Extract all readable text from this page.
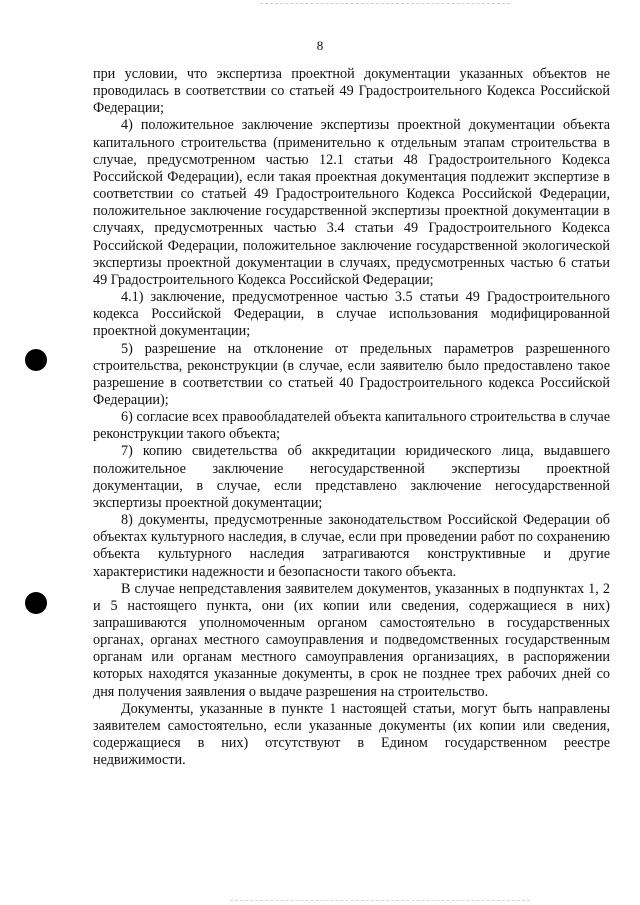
8

при условии, что экспертиза проектной документации указанных объектов не проводилась в соответствии со статьей 49 Градостроительного Кодекса Российской Федерации;

4) положительное заключение экспертизы проектной документации объекта капитального строительства (применительно к отдельным этапам строительства в случае, предусмотренном частью 12.1 статьи 48 Градостроительного Кодекса Российской Федерации), если такая проектная документация подлежит экспертизе в соответствии со статьей 49 Градостроительного Кодекса Российской Федерации, положительное заключение государственной экспертизы проектной документации в случаях, предусмотренных частью 3.4 статьи 49 Градостроительного Кодекса Российской Федерации, положительное заключение государственной экологической экспертизы проектной документации в случаях, предусмотренных частью 6 статьи 49 Градостроительного Кодекса Российской Федерации;

4.1) заключение, предусмотренное частью 3.5 статьи 49 Градостроительного кодекса Российской Федерации, в случае использования модифицированной проектной документации;

5) разрешение на отклонение от предельных параметров разрешенного строительства, реконструкции (в случае, если заявителю было предоставлено такое разрешение в соответствии со статьей 40 Градостроительного кодекса Российской Федерации);

6) согласие всех правообладателей объекта капитального строительства в случае реконструкции такого объекта;

7) копию свидетельства об аккредитации юридического лица, выдавшего положительное заключение негосударственной экспертизы проектной документации, в случае, если представлено заключение негосударственной экспертизы проектной документации;

8) документы, предусмотренные законодательством Российской Федерации об объектах культурного наследия, в случае, если при проведении работ по сохранению объекта культурного наследия затрагиваются конструктивные и другие характеристики надежности и безопасности такого объекта.

В случае непредставления заявителем документов, указанных в подпунктах 1, 2 и 5 настоящего пункта, они (их копии или сведения, содержащиеся в них) запрашиваются уполномоченным органом самостоятельно в государственных органах, органах местного самоуправления и подведомственных государственным органам или органам местного самоуправления организациях, в распоряжении которых находятся указанные документы, в срок не позднее трех рабочих дней со дня получения заявления о выдаче разрешения на строительство.

Документы, указанные в пункте 1 настоящей статьи, могут быть направлены заявителем самостоятельно, если указанные документы (их копии или сведения, содержащиеся в них) отсутствуют в Едином государственном реестре недвижимости.
